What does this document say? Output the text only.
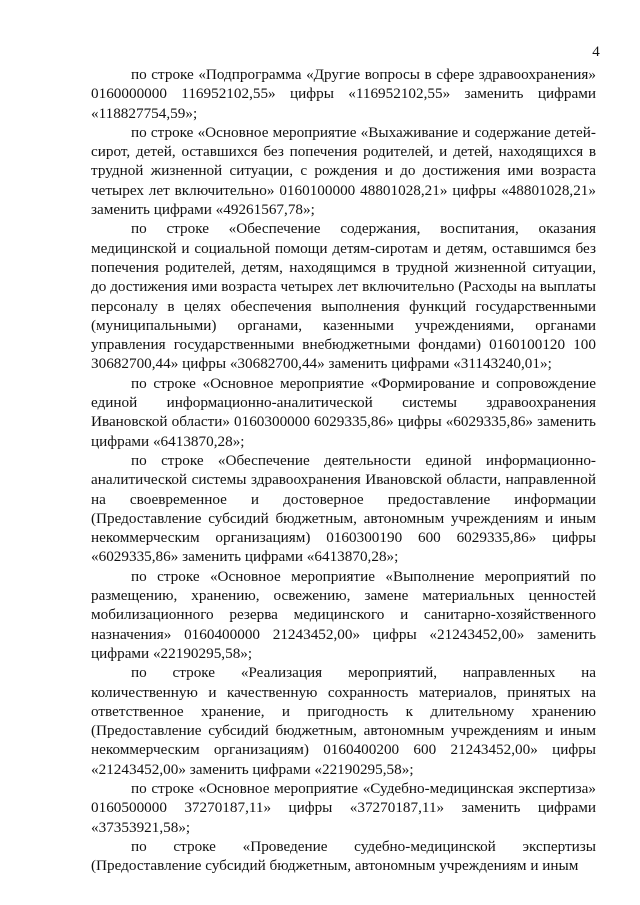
4

по строке «Подпрограмма «Другие вопросы в сфере здравоохранения» 0160000000 116952102,55» цифры «116952102,55» заменить цифрами «118827754,59»;

по строке «Основное мероприятие «Выхаживание и содержание детей-сирот, детей, оставшихся без попечения родителей, и детей, находящихся в трудной жизненной ситуации, с рождения и до достижения ими возраста четырех лет включительно» 0160100000 48801028,21» цифры «48801028,21» заменить цифрами «49261567,78»;

по строке «Обеспечение содержания, воспитания, оказания медицинской и социальной помощи детям-сиротам и детям, оставшимся без попечения родителей, детям, находящимся в трудной жизненной ситуации, до достижения ими возраста четырех лет включительно (Расходы на выплаты персоналу в целях обеспечения выполнения функций государственными (муниципальными) органами, казенными учреждениями, органами управления государственными внебюджетными фондами) 0160100120 100 30682700,44» цифры «30682700,44» заменить цифрами «31143240,01»;

по строке «Основное мероприятие «Формирование и сопровождение единой информационно-аналитической системы здравоохранения Ивановской области» 0160300000 6029335,86» цифры «6029335,86» заменить цифрами «6413870,28»;

по строке «Обеспечение деятельности единой информационно-аналитической системы здравоохранения Ивановской области, направленной на своевременное и достоверное предоставление информации (Предоставление субсидий бюджетным, автономным учреждениям и иным некоммерческим организациям) 0160300190 600 6029335,86» цифры «6029335,86» заменить цифрами «6413870,28»;

по строке «Основное мероприятие «Выполнение мероприятий по размещению, хранению, освежению, замене материальных ценностей мобилизационного резерва медицинского и санитарно-хозяйственного назначения» 0160400000 21243452,00» цифры «21243452,00» заменить цифрами «22190295,58»;

по строке «Реализация мероприятий, направленных на количественную и качественную сохранность материалов, принятых на ответственное хранение, и пригодность к длительному хранению (Предоставление субсидий бюджетным, автономным учреждениям и иным некоммерческим организациям) 0160400200 600 21243452,00» цифры «21243452,00» заменить цифрами «22190295,58»;

по строке «Основное мероприятие «Судебно-медицинская экспертиза» 0160500000 37270187,11» цифры «37270187,11» заменить цифрами «37353921,58»;

по строке «Проведение судебно-медицинской экспертизы (Предоставление субсидий бюджетным, автономным учреждениям и иным
